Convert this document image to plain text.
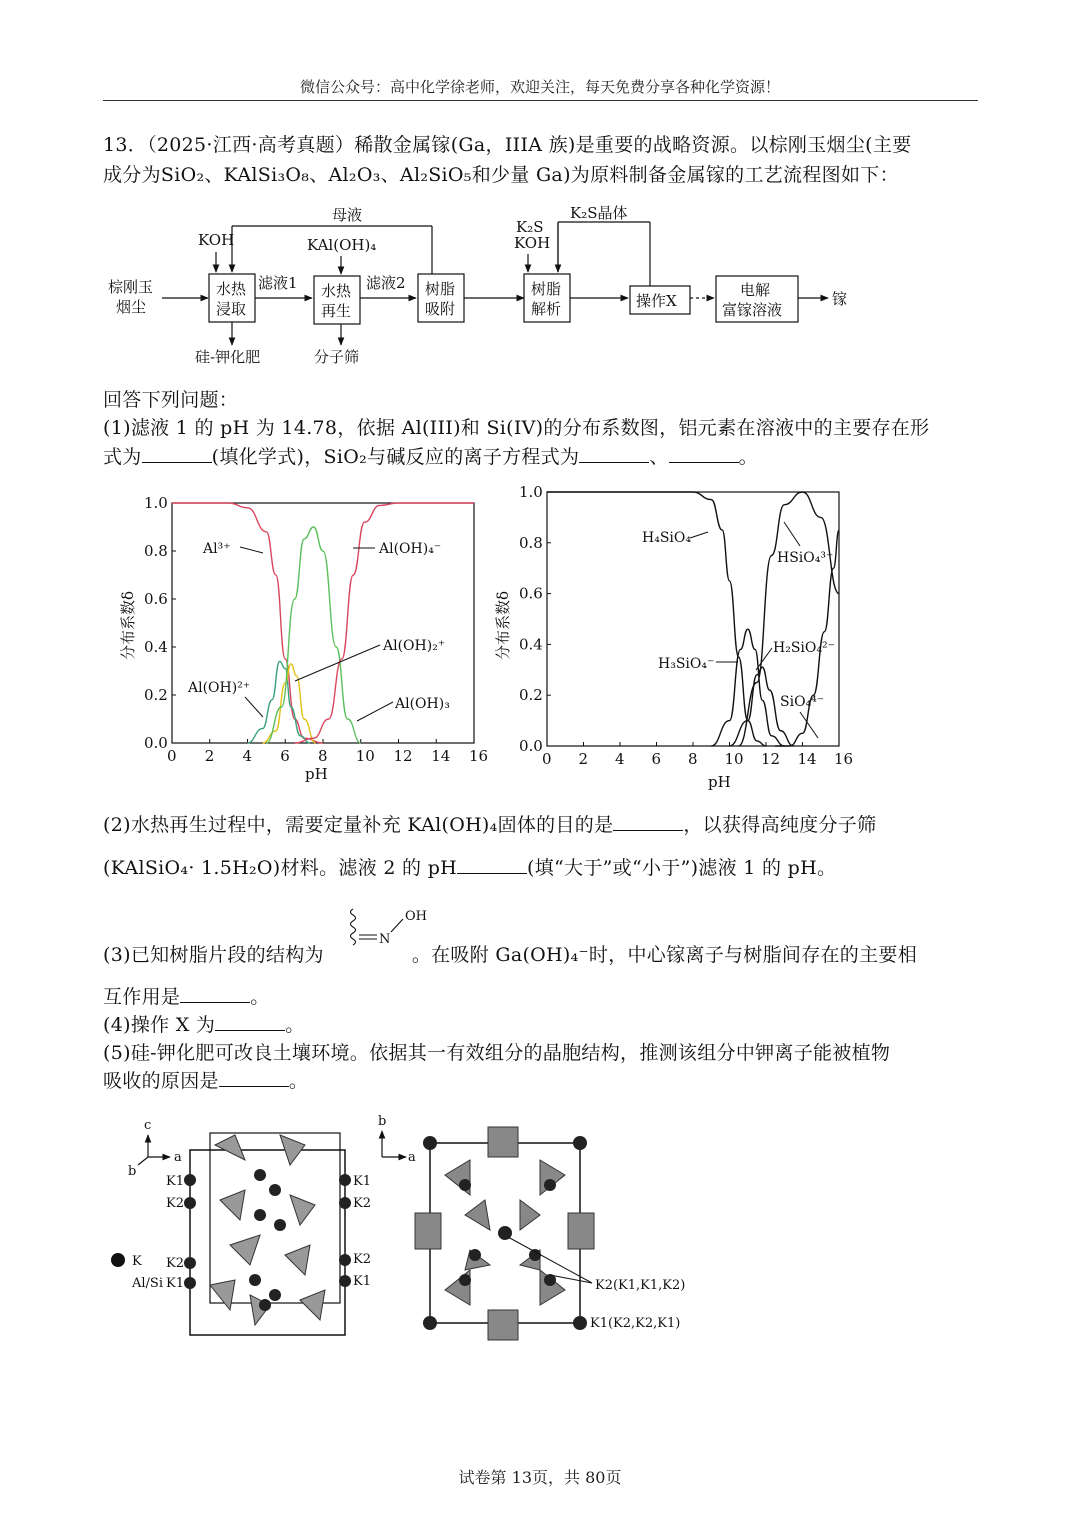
微信公众号：高中化学徐老师，欢迎关注，每天免费分享各种化学资源！
13．（2025·江西·高考真题）稀散金属镓(Ga，IIIA 族)是重要的战略资源。以棕刚玉烟尘(主要
成分为SiO₂、KAlSi₃O₈、Al₂O₃、Al₂SiO₅和少量 Ga)为原料制备金属镓的工艺流程图如下：
棕刚玉
烟尘
KOH
水热
浸取
母液
滤液1
KAl(OH)₄
水热
再生
滤液2 树脂
吸附
分子筛
硅-钾化肥
K₂S
KOH
树脂
解析
K₂S晶体
操作X
电解
富镓溶液
镓
回答下列问题：
(1)滤液 1 的 pH 为 14.78，依据 Al(III)和 Si(IV)的分布系数图，铝元素在溶液中的主要存在形
式为	(填化学式)，SiO₂与碱反应的离子方程式为	、	。
0 2 4 6 8 10 12 14 16
0.0
0.2
0.4
0.6
0.8
1.0
pH
分布系数δ
Al³⁺	Al(OH)₄⁻
Al(OH)₂⁺
Al(OH)²⁺
Al(OH)₃
0 2 4 6 8 10 12 14 16
0.0
0.2
0.4
0.6
0.8
1.0
pH
分布系数δ
H₄SiO₄
HSiO₄³⁻
H₃SiO₄⁻
H₂SiO₄²⁻
SiO₄⁴⁻
(2)水热再生过程中，需要定量补充 KAl(OH)₄固体的目的是	，以获得高纯度分子筛
(KAlSiO₄· 1.5H₂O)材料。滤液 2 的 pH	(填“大于”或“小于”)滤液 1 的 pH。
N
OH
(3)已知树脂片段的结构为	。在吸附 Ga(OH)₄⁻时，中心镓离子与树脂间存在的主要相
互作用是	。
(4)操作 X 为	。
(5)硅-钾化肥可改良土壤环境。依据其一有效组分的晶胞结构，推测该组分中钾离子能被植物
吸收的原因是	。
c
a
b
K1
K2
K2
K1
K1
K2
K2
K1
K
Al/Si
b
a
K2(K1,K1,K2)
K1(K2,K2,K1)
试卷第 13页，共 80页
